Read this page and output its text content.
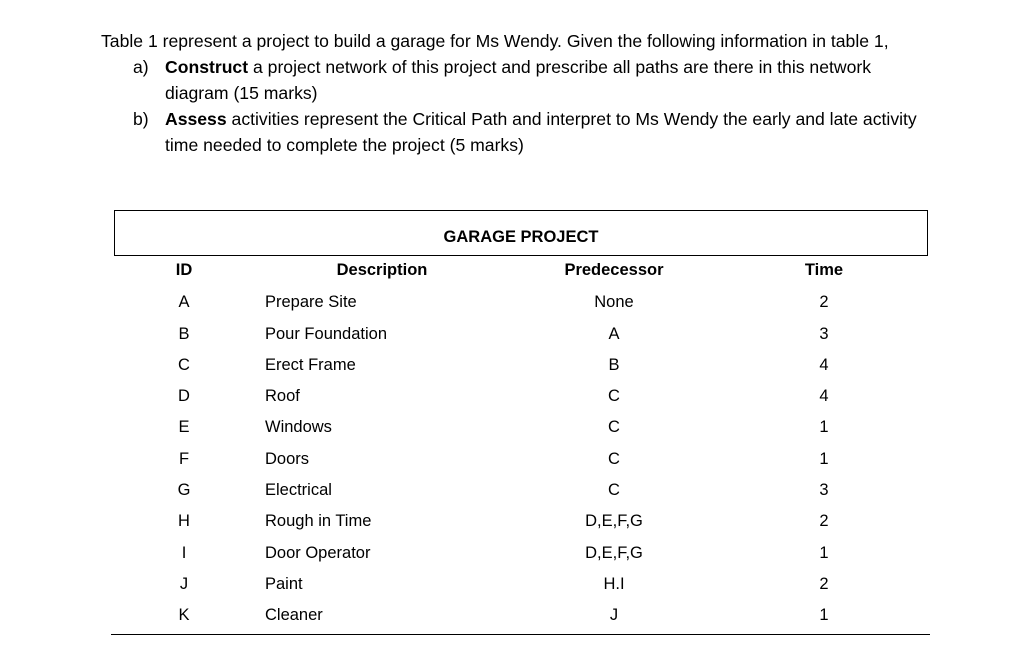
Table 1 represent a project to build a garage for Ms Wendy. Given the following information in table 1,

a) Construct a project network of this project and prescribe all paths are there in this network diagram (15 marks)
b) Assess activities represent the Critical Path and interpret to Ms Wendy the early and late activity time needed to complete the project (5 marks)
GARAGE PROJECT
ID	Description	Predecessor	Time
A	Prepare Site	None	2
B	Pour Foundation	A	3
C	Erect Frame	B	4
D	Roof	C	4
E	Windows	C	1
F	Doors	C	1
G	Electrical	C	3
H	Rough in Time	D,E,F,G	2
I	Door Operator	D,E,F,G	1
J	Paint	H.I	2
K	Cleaner	J	1
